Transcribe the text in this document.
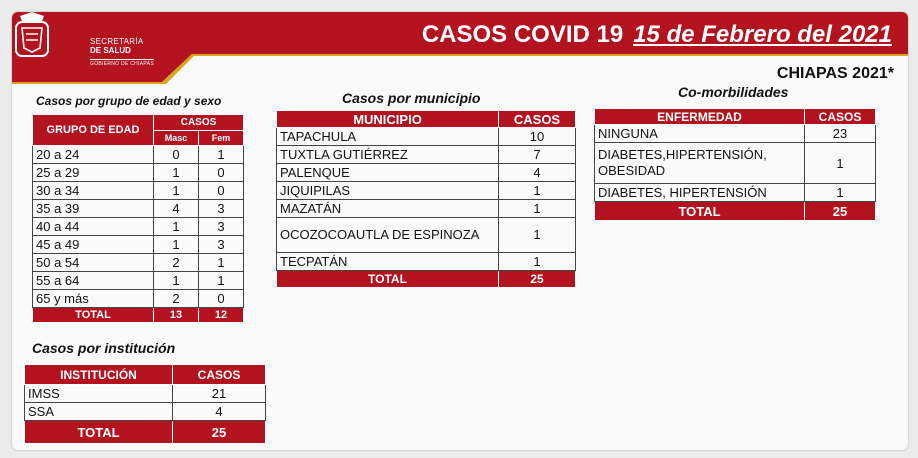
SECRETARÍA
DE SALUD
GOBIERNO DE CHIAPAS
CASOS COVID 19 15 de Febrero del 2021
CHIAPAS 2021*
Casos por grupo de edad y sexo
GRUPO DE EDAD	CASOS	
	Masc	Fem
20 a 24	0	1
25 a 29	1	0
30 a 34	1	0
35 a 39	4	3
40 a 44	1	3
45 a 49	1	3
50 a 54	2	1
55 a 64	1	1
65 y más	2	0
TOTAL	13	12
Casos por municipio
MUNICIPIO	CASOS
TAPACHULA	10
TUXTLA GUTIÉRREZ	7
PALENQUE	4
JIQUIPILAS	1
MAZATÁN	1
OCOZOCOAUTLA DE ESPINOZA	1
TECPATÁN	1
TOTAL	25
Co-morbilidades
ENFERMEDAD	CASOS
NINGUNA	23
DIABETES,HIPERTENSIÓN, OBESIDAD	1
DIABETES, HIPERTENSIÓN	1
TOTAL	25
Casos por institución
INSTITUCIÓN	CASOS
IMSS	21
SSA	4
TOTAL	25
